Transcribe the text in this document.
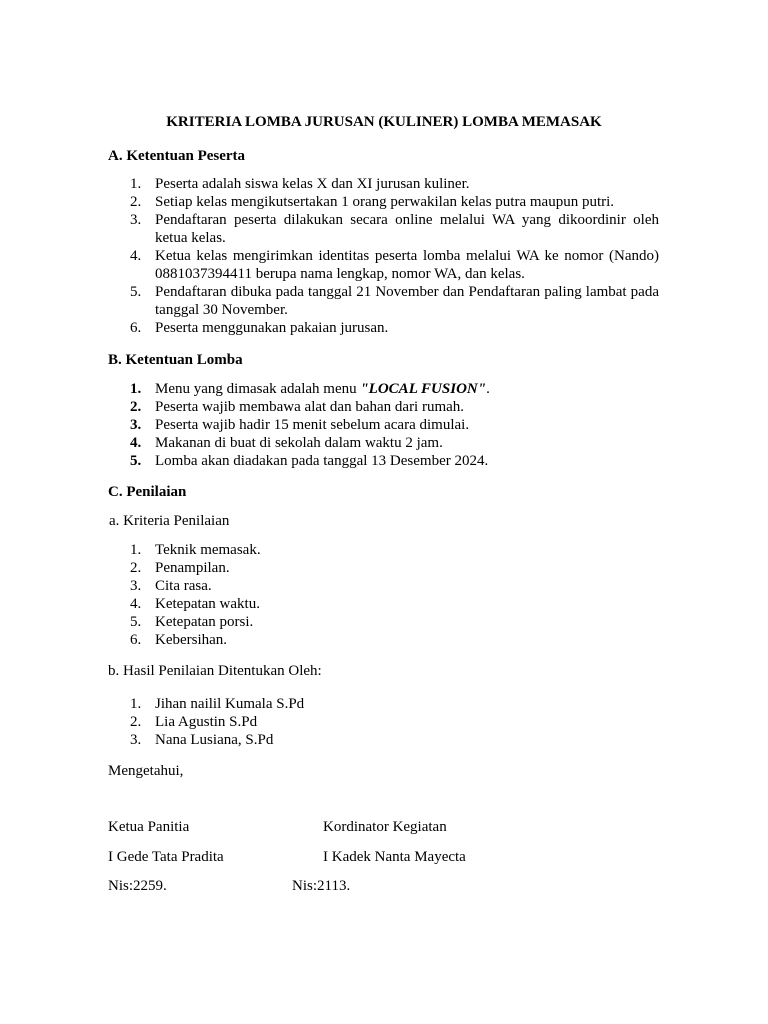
KRITERIA LOMBA JURUSAN (KULINER) LOMBA MEMASAK
A. Ketentuan Peserta
1. Peserta adalah siswa kelas X dan XI jurusan kuliner.
2. Setiap kelas mengikutsertakan 1 orang perwakilan kelas putra maupun putri.
3. Pendaftaran peserta dilakukan secara online melalui WA yang dikoordinir oleh ketua kelas.
4. Ketua kelas mengirimkan identitas peserta lomba melalui WA ke nomor (Nando) 0881037394411 berupa nama lengkap, nomor WA, dan kelas.
5. Pendaftaran dibuka pada tanggal 21 November dan Pendaftaran paling lambat pada tanggal 30 November.
6. Peserta menggunakan pakaian jurusan.
B. Ketentuan Lomba
1. Menu yang dimasak adalah menu "LOCAL FUSION".
2. Peserta wajib membawa alat dan bahan dari rumah.
3. Peserta wajib hadir 15 menit sebelum acara dimulai.
4. Makanan di buat di sekolah dalam waktu 2 jam.
5. Lomba akan diadakan pada tanggal 13 Desember 2024.
C. Penilaian

a. Kriteria Penilaian

1. Teknik memasak.
2. Penampilan.
3. Cita rasa.
4. Ketepatan waktu.
5. Ketepatan porsi.
6. Kebersihan.

b. Hasil Penilaian Ditentukan Oleh:

1. Jihan nailil Kumala S.Pd
2. Lia Agustin S.Pd
3. Nana Lusiana, S.Pd

Mengetahui,

Ketua Panitia	Kordinator Kegiatan

I Gede Tata Pradita	I Kadek Nanta Mayecta

Nis:2259.	Nis:2113.
